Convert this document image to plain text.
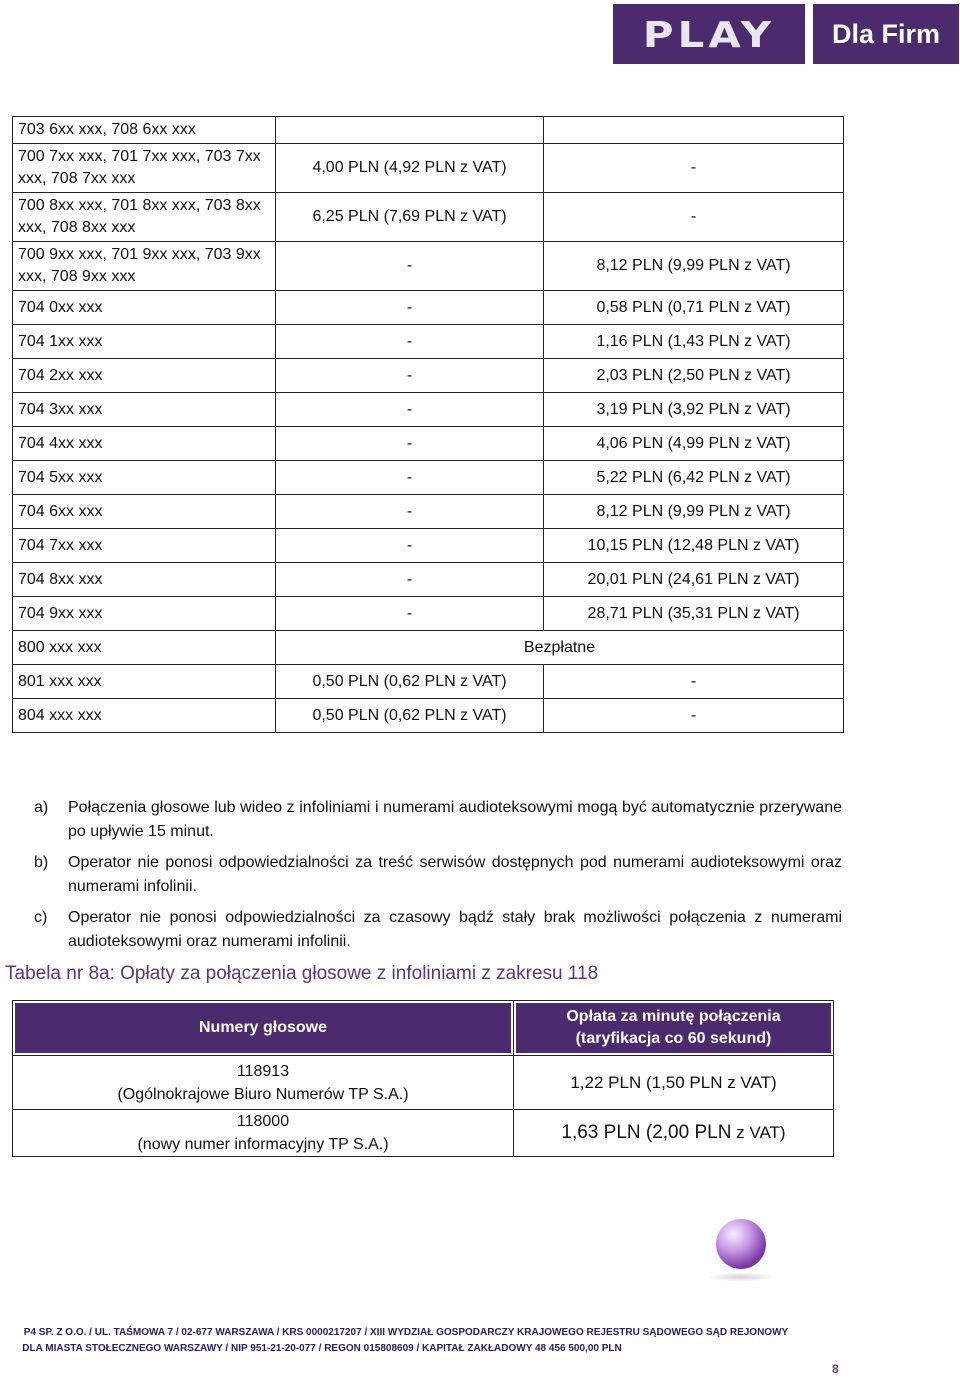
PLAY Dla Firm
703 6xx xxx, 708 6xx xxx		
700 7xx xxx, 701 7xx xxx, 703 7xx xxx, 708 7xx xxx	4,00 PLN (4,92 PLN z VAT)	-
700 8xx xxx, 701 8xx xxx, 703 8xx xxx, 708 8xx xxx	6,25 PLN (7,69 PLN z VAT)	-
700 9xx xxx, 701 9xx xxx, 703 9xx xxx, 708 9xx xxx	-	8,12 PLN (9,99 PLN z VAT)
704 0xx xxx	-	0,58 PLN (0,71 PLN z VAT)
704 1xx xxx	-	1,16 PLN (1,43 PLN z VAT)
704 2xx xxx	-	2,03 PLN (2,50 PLN z VAT)
704 3xx xxx	-	3,19 PLN (3,92 PLN z VAT)
704 4xx xxx	-	4,06 PLN (4,99 PLN z VAT)
704 5xx xxx	-	5,22 PLN (6,42 PLN z VAT)
704 6xx xxx	-	8,12 PLN (9,99 PLN z VAT)
704 7xx xxx	-	10,15 PLN (12,48 PLN z VAT)
704 8xx xxx	-	20,01 PLN (24,61 PLN z VAT)
704 9xx xxx	-	28,71 PLN (35,31 PLN z VAT)
800 xxx xxx	Bezpłatne	
801 xxx xxx	0,50 PLN (0,62 PLN z VAT)	-
804 xxx xxx	0,50 PLN (0,62 PLN z VAT)	-
a)	Połączenia głosowe lub wideo z infoliniami i numerami audioteksowymi mogą być automatycznie przerywane po upływie 15 minut.
b)	Operator nie ponosi odpowiedzialności za treść serwisów dostępnych pod numerami audioteksowymi oraz numerami infolinii.
c)	Operator nie ponosi odpowiedzialności za czasowy bądź stały brak możliwości połączenia z numerami audioteksowymi oraz numerami infolinii.
Tabela nr 8a: Opłaty za połączenia głosowe z infoliniami z zakresu 118
Numery głosowe	Opłata za minutę połączenia
(taryfikacja co 60 sekund)

118913
(Ogólnokrajowe Biuro Numerów TP S.A.)	1,22 PLN (1,50 PLN z VAT)

118000
(nowy numer informacyjny TP S.A.)	1,63 PLN (2,00 PLN z VAT)
P4 SP. Z O.O. / UL. TAŚMOWA 7 / 02-677 WARSZAWA / KRS 0000217207 / XIII WYDZIAŁ GOSPODARCZY KRAJOWEGO REJESTRU SĄDOWEGO SĄD REJONOWY
DLA MIASTA STOŁECZNEGO WARSZAWY / NIP 951-21-20-077 / REGON 015808609 / KAPITAŁ ZAKŁADOWY 48 456 500,00 PLN
8
